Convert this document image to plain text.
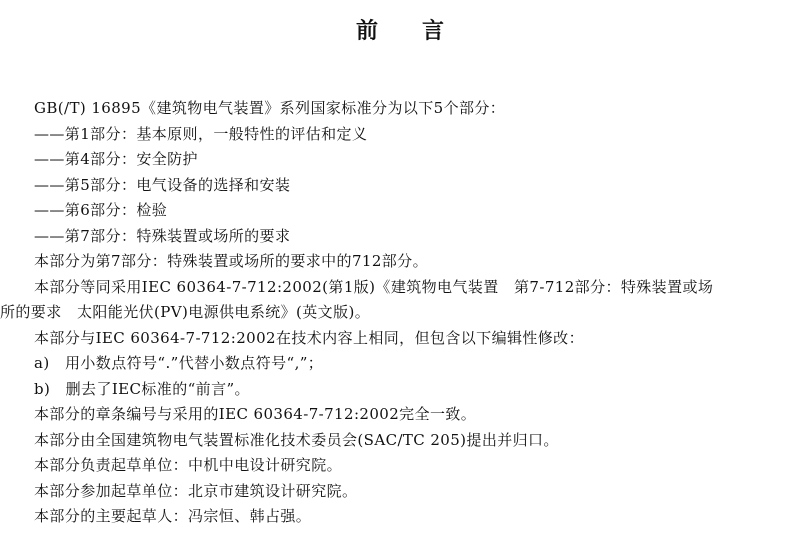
前言
GB(/T) 16895《建筑物电气装置》系列国家标准分为以下5个部分：
——第1部分：基本原则，一般特性的评估和定义
——第4部分：安全防护
——第5部分：电气设备的选择和安装
——第6部分：检验
——第7部分：特殊装置或场所的要求
本部分为第7部分：特殊装置或场所的要求中的712部分。
本部分等同采用IEC 60364-7-712:2002(第1版)《建筑物电气装置　第7-712部分：特殊装置或场
所的要求　太阳能光伏(PV)电源供电系统》(英文版)。
本部分与IEC 60364-7-712:2002在技术内容上相同，但包含以下编辑性修改：
a)　用小数点符号“.”代替小数点符号“,”；
b)　删去了IEC标准的“前言”。
本部分的章条编号与采用的IEC 60364-7-712:2002完全一致。
本部分由全国建筑物电气装置标准化技术委员会(SAC/TC 205)提出并归口。
本部分负责起草单位：中机中电设计研究院。
本部分参加起草单位：北京市建筑设计研究院。
本部分的主要起草人：冯宗恒、韩占强。
